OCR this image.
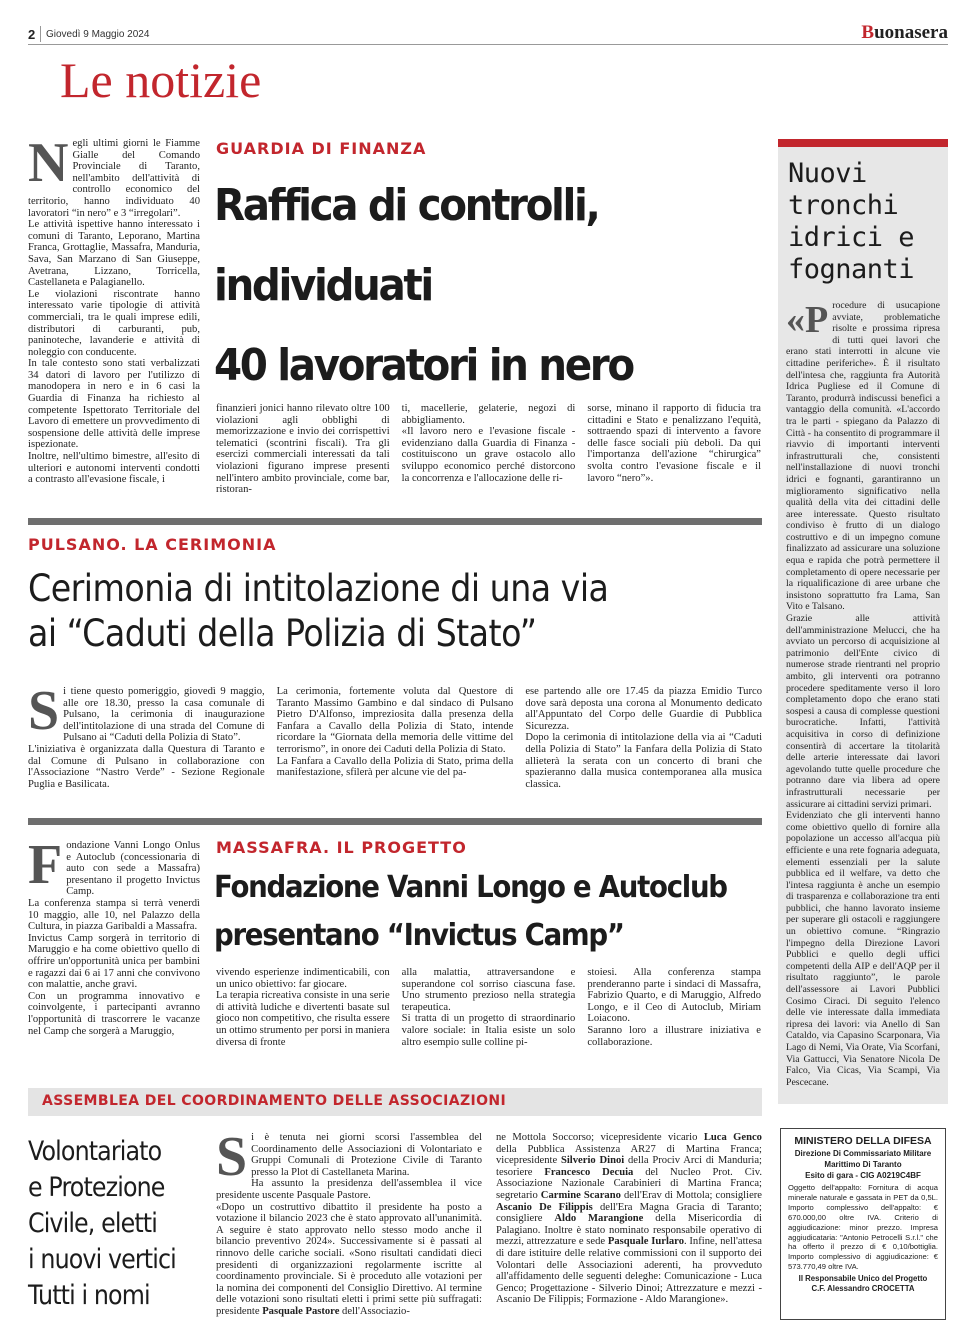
2 Giovedì 9 Maggio 2024	Buonasera
Le notizie
N egli ultimi giorni le Fiamme Gialle del Comando Provinciale di Taranto, nell'ambito dell'attività di controllo economico del territorio, hanno individuato 40 lavoratori “in nero” e 3 “irregolari”.

Le attività ispettive hanno interessato i comuni di Taranto, Leporano, Martina Franca, Grottaglie, Massafra, Manduria, Sava, San Marzano di San Giuseppe, Avetrana, Lizzano, Torricella, Castellaneta e Palagianello.

Le violazioni riscontrate hanno interessato varie tipologie di attività commerciali, tra le quali imprese edili, distributori di carburanti, pub, paninoteche, lavanderie e attività di noleggio con conducente.

In tale contesto sono stati verbalizzati 34 datori di lavoro per l'utilizzo di manodopera in nero e in 6 casi la Guardia di Finanza ha richiesto al competente Ispettorato Territoriale del Lavoro di emettere un provvedimento di sospensione delle attività delle imprese ispezionate.

Inoltre, nell'ultimo bimestre, all'esito di ulteriori e autonomi interventi condotti a contrasto all'evasione fiscale, i

GUARDIA DI FINANZA
Raffica di controlli,
individuati
40 lavoratori in nero
finanzieri jonici hanno rilevato oltre 100 violazioni agli obblighi di memorizzazione e invio dei corrispettivi telematici (scontrini fiscali). Tra gli esercizi commerciali interessati da tali violazioni figurano imprese presenti nell'intero ambito provinciale, come bar, ristoran-
ti, macellerie, gelaterie, negozi di abbigliamento.
«Il lavoro nero e l'evasione fiscale - evidenziano dalla Guardia di Finanza - costituiscono un grave ostacolo allo sviluppo economico perché distorcono la concorrenza e l'allocazione delle ri-
sorse, minano il rapporto di fiducia tra cittadini e Stato e penalizzano l'equità, sottraendo spazi di intervento a favore delle fasce sociali più deboli. Da qui l'importanza dell'azione “chirurgica” svolta contro l'evasione fiscale e il lavoro “nero”».
PULSANO. LA CERIMONIA
Cerimonia di intitolazione di una via
ai “Caduti della Polizia di Stato”
S i tiene questo pomeriggio, giovedì 9 maggio, alle ore 18.30, presso la casa comunale di Pulsano, la cerimonia di inaugurazione dell'intitolazione di una strada del Comune di Pulsano ai “Caduti della Polizia di Stato”.
L'iniziativa è organizzata dalla Questura di Taranto e dal Comune di Pulsano in collaborazione con l'Associazione “Nastro Verde” - Sezione Regionale Puglia e Basilicata.
La cerimonia, fortemente voluta dal Questore di Taranto Massimo Gambino e dal sindaco di Pulsano Pietro D'Alfonso, impreziosita dalla presenza della Fanfara a Cavallo della Polizia di Stato, intende ricordare la “Giornata della memoria delle vittime del terrorismo”, in onore dei Caduti della Polizia di Stato.
La Fanfara a Cavallo della Polizia di Stato, prima della manifestazione, sfilerà per alcune vie del pa-
ese partendo alle ore 17.45 da piazza Emidio Turco dove sarà deposta una corona al Monumento dedicato all'Appuntato del Corpo delle Guardie di Pubblica Sicurezza.
Dopo la cerimonia di intitolazione della via ai “Caduti della Polizia di Stato” la Fanfara della Polizia di Stato allieterà la serata con un concerto di brani che spazieranno dalla musica contemporanea alla musica classica.
F ondazione Vanni Longo Onlus e Autoclub (concessionaria di auto con sede a Massafra) presentano il progetto Invictus Camp.

La conferenza stampa si terrà venerdì 10 maggio, alle 10, nel Palazzo della Cultura, in piazza Garibaldi a Massafra.

Invictus Camp sorgerà in territorio di Maruggio e ha come obiettivo quello di offrire un'opportunità unica per bambini e ragazzi dai 6 ai 17 anni che convivono con malattie, anche gravi.

Con un programma innovativo e coinvolgente, i partecipanti avranno l'opportunità di trascorrere le vacanze nel Camp che sorgerà a Maruggio,

MASSAFRA. IL PROGETTO
Fondazione Vanni Longo e Autoclub
presentano “Invictus Camp”
vivendo esperienze indimenticabili, con un unico obiettivo: far giocare.
La terapia ricreativa consiste in una serie di attività ludiche e divertenti basate sul gioco non competitivo, che risulta essere un ottimo strumento per porsi in maniera diversa di fronte
alla malattia, attraversandone e superandone col sorriso ciascuna fase. Uno strumento prezioso nella strategia terapeutica.
Si tratta di un progetto di straordinario valore sociale: in Italia esiste un solo altro esempio sulle colline pi-
stoiesi. Alla conferenza stampa prenderanno parte i sindaci di Massafra, Fabrizio Quarto, e di Maruggio, Alfredo Longo, e il Ceo di Autoclub, Miriam Loiacono.
Saranno loro a illustrare iniziativa e collaborazione.
ASSEMBLEA DEL COORDINAMENTO DELLE ASSOCIAZIONI
Volontariato
e Protezione
Civile, eletti
i nuovi vertici
Tutti i nomi
S i è tenuta nei giorni scorsi l'assemblea del Coordinamento delle Associazioni di Volontariato e Gruppi Comunali di Protezione Civile di Taranto presso la Plot di Castellaneta Marina.

Ha assunto la presidenza dell'assemblea il vice presidente uscente Pasquale Pastore.
«Dopo un costruttivo dibattito il presidente ha posto a votazione il bilancio 2023 che è stato approvato all'unanimità. A seguire è stato approvato nello stesso modo anche il bilancio preventivo 2024». Successivamente si è passati al rinnovo delle cariche sociali. «Sono risultati candidati dieci presidenti di organizzazioni regolarmente iscritte al coordinamento provinciale. Si è proceduto alle votazioni per la nomina dei componenti del Consiglio Direttivo. Al termine delle votazioni sono risultati eletti i primi sette più suffragati: presidente Pasquale Pastore dell'Associazio-

ne Mottola Soccorso; vicepresidente vicario Luca Genco della Pubblica Assistenza AR27 di Martina Franca; vicepresidente Silverio Dinoi della Prociv Arci di Manduria; tesoriere Francesco Decuia del Nucleo Prot. Civ. Associazione Nazionale Carabinieri di Martina Franca; segretario Carmine Scarano dell'Erav di Mottola; consigliere Ascanio De Filippis dell'Era Magna Gracia di Taranto; consigliere Aldo Marangione della Misericordia di Palagiano. Inoltre è stato nominato responsabile operativo di mezzi, attrezzature e sede Pasquale Iurlaro. Infine, nell'attesa di dare istituire delle relative commissioni con il supporto dei Volontari delle Associazioni aderenti, ha provveduto all'affidamento delle seguenti deleghe: Comunicazione - Luca Genco; Progettazione - Silverio Dinoi; Attrezzature e mezzi - Ascanio De Filippis; Formazione - Aldo Marangione».
Nuovi
tronchi
idrici e
fognanti
«P rocedure di usucapione avviate, problematiche risolte e prossima ripresa di tutti quei lavori che erano stati interrotti in alcune vie cittadine periferiche». È il risultato dell'intesa che, raggiunta fra Autorità Idrica Pugliese ed il Comune di Taranto, produrrà indiscussi benefici a vantaggio della comunità. «L'accordo tra le parti - spiegano da Palazzo di Città - ha consentito di programmare il riavvio di importanti interventi infrastrutturali che, consistenti nell'installazione di nuovi tronchi idrici e fognanti, garantiranno un miglioramento significativo nella qualità della vita dei cittadini delle aree interessate. Questo risultato condiviso è frutto di un dialogo costruttivo e di un impegno comune finalizzato ad assicurare una soluzione equa e rapida che potrà permettere il completamento di opere necessarie per la riqualificazione di aree urbane che insistono soprattutto fra Lama, San Vito e Talsano.

Grazie alle attività dell'amministrazione Melucci, che ha avviato un percorso di acquisizione al patrimonio dell'Ente civico di numerose strade rientranti nel proprio ambito, gli interventi ora potranno procedere speditamente verso il loro completamento dopo che erano stati sospesi a causa di complesse questioni burocratiche. Infatti, l'attività acquisitiva in corso di definizione consentirà di accertare la titolarità delle arterie interessate dai lavori agevolando tutte quelle procedure che potranno dare via libera ad opere infrastrutturali necessarie per assicurare ai cittadini servizi primari.

Evidenziato che gli interventi hanno come obiettivo quello di fornire alla popolazione un accesso all'acqua più efficiente e una rete fognaria adeguata, elementi essenziali per la salute pubblica ed il welfare, va detto che l'intesa raggiunta è anche un esempio di trasparenza e collaborazione tra enti pubblici, che hanno lavorato insieme per superare gli ostacoli e raggiungere un obiettivo comune. “Ringrazio l'impegno della Direzione Lavori Pubblici e quello degli uffici competenti della AIP e dell'AQP per il risultato raggiunto”, le parole dell'assessore ai Lavori Pubblici Cosimo Ciraci. Di seguito l'elenco delle vie interessate dalla immediata ripresa dei lavori: via Anello di San Cataldo, via Capasino Scarponara, Via Lago di Nemi, Via Orate, Via Scorfani, Via Gattucci, Via Senatore Nicola De Falco, Via Cicas, Via Scampi, Via Pescecane.

MINISTERO DELLA DIFESA
Direzione Di Commissariato Militare
Marittimo Di Taranto
Esito di gara - CIG A0219C4BF
Oggetto dell'appalto: Fornitura di acqua minerale naturale e gassata in PET da 0,5L. Importo complessivo dell'appalto: € 670.000,00 oltre IVA. Criterio di aggiudicazione: minor prezzo. Impresa aggiudicataria: "Antonio Petrocelli S.r.l." che ha offerto il prezzo di € 0,10/bottiglia. Importo complessivo di aggiudicazione: € 573.770,49 oltre IVA.
Il Responsabile Unico del Progetto
C.F. Alessandro CROCETTA
